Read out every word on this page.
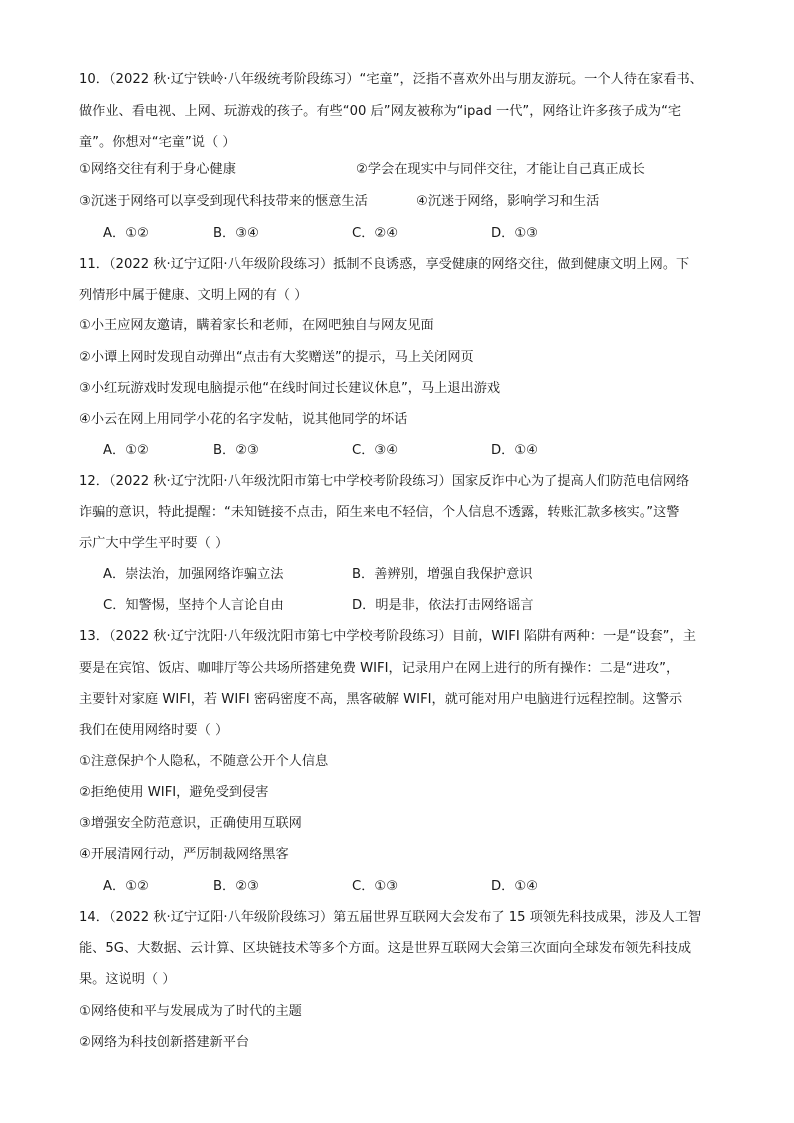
10．（2022 秋·辽宁铁岭·八年级统考阶段练习）“宅童”，泛指不喜欢外出与朋友游玩。一个人待在家看书、
做作业、看电视、上网、玩游戏的孩子。有些“00 后”网友被称为“ipad 一代”，网络让许多孩子成为“宅
童”。你想对“宅童”说（ ）
①网络交往有利于身心健康	②学会在现实中与同伴交往，才能让自己真正成长
③沉迷于网络可以享受到现代科技带来的惬意生活	④沉迷于网络，影响学习和生活
A．①②	B．③④	C．②④	D．①③
11．（2022 秋·辽宁辽阳·八年级阶段练习）抵制不良诱惑，享受健康的网络交往，做到健康文明上网。下
列情形中属于健康、文明上网的有（ ）
①小王应网友邀请，瞒着家长和老师，在网吧独自与网友见面
②小谭上网时发现自动弹出“点击有大奖赠送”的提示，马上关闭网页
③小红玩游戏时发现电脑提示他“在线时间过长建议休息”，马上退出游戏
④小云在网上用同学小花的名字发帖，说其他同学的坏话
A．①②	B．②③	C．③④	D．①④
12．（2022 秋·辽宁沈阳·八年级沈阳市第七中学校考阶段练习）国家反诈中心为了提高人们防范电信网络
诈骗的意识，特此提醒：“未知链接不点击，陌生来电不轻信，个人信息不透露，转账汇款多核实。”这警
示广大中学生平时要（ ）
A．崇法治，加强网络诈骗立法	B．善辨别，增强自我保护意识
C．知警惕，坚持个人言论自由	D．明是非，依法打击网络谣言
13．（2022 秋·辽宁沈阳·八年级沈阳市第七中学校考阶段练习）目前，WIFI 陷阱有两种：一是“设套”，主
要是在宾馆、饭店、咖啡厅等公共场所搭建免费 WIFI，记录用户在网上进行的所有操作：二是“进攻”，
主要针对家庭 WIFI，若 WIFI 密码密度不高，黑客破解 WIFI，就可能对用户电脑进行远程控制。这警示
我们在使用网络时要（ ）
①注意保护个人隐私，不随意公开个人信息
②拒绝使用 WIFI，避免受到侵害
③增强安全防范意识，正确使用互联网
④开展清网行动，严厉制裁网络黑客
A．①②	B．②③	C．①③	D．①④
14．（2022 秋·辽宁辽阳·八年级阶段练习）第五届世界互联网大会发布了 15 项领先科技成果，涉及人工智
能、5G、大数据、云计算、区块链技术等多个方面。这是世界互联网大会第三次面向全球发布领先科技成
果。这说明（ ）
①网络使和平与发展成为了时代的主题
②网络为科技创新搭建新平台
